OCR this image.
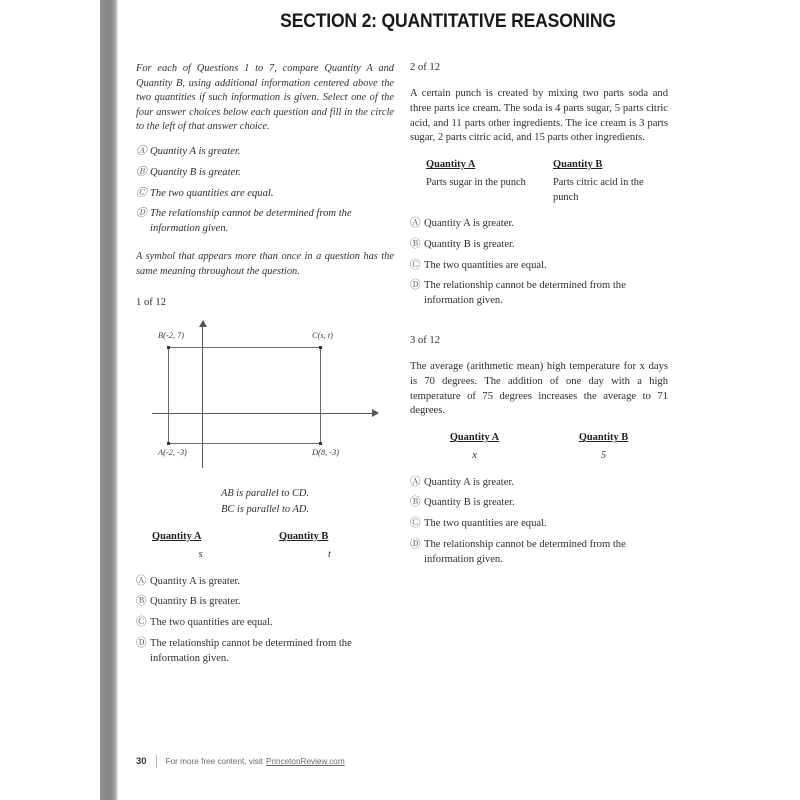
SECTION 2: QUANTITATIVE REASONING
For each of Questions 1 to 7, compare Quantity A and Quantity B, using additional information centered above the two quantities if such information is given. Select one of the four answer choices below each question and fill in the circle to the left of that answer choice.
Ⓐ Quantity A is greater.
Ⓑ Quantity B is greater.
Ⓒ The two quantities are equal.
Ⓓ The relationship cannot be determined from the information given.
A symbol that appears more than once in a question has the same meaning throughout the question.
1 of 12
B(-2, 7)	C(s, t)
A(-2, -3)	D(8, -3)
AB is parallel to CD.
BC is parallel to AD.
Quantity A	Quantity B
s	t
Ⓐ Quantity A is greater.
Ⓑ Quantity B is greater.
Ⓒ The two quantities are equal.
Ⓓ The relationship cannot be determined from the information given.
2 of 12
A certain punch is created by mixing two parts soda and three parts ice cream. The soda is 4 parts sugar, 5 parts citric acid, and 11 parts other ingredients. The ice cream is 3 parts sugar, 2 parts citric acid, and 15 parts other ingredients.
Quantity A	Quantity B
Parts sugar in the punch	Parts citric acid in the punch
Ⓐ Quantity A is greater.
Ⓑ Quantity B is greater.
Ⓒ The two quantities are equal.
Ⓓ The relationship cannot be determined from the information given.
3 of 12
The average (arithmetic mean) high temperature for x days is 70 degrees. The addition of one day with a high temperature of 75 degrees increases the average to 71 degrees.
Quantity A	Quantity B
x	5
Ⓐ Quantity A is greater.
Ⓑ Quantity B is greater.
Ⓒ The two quantities are equal.
Ⓓ The relationship cannot be determined from the information given.
30 For more free content, visit PrincetonReview.com
